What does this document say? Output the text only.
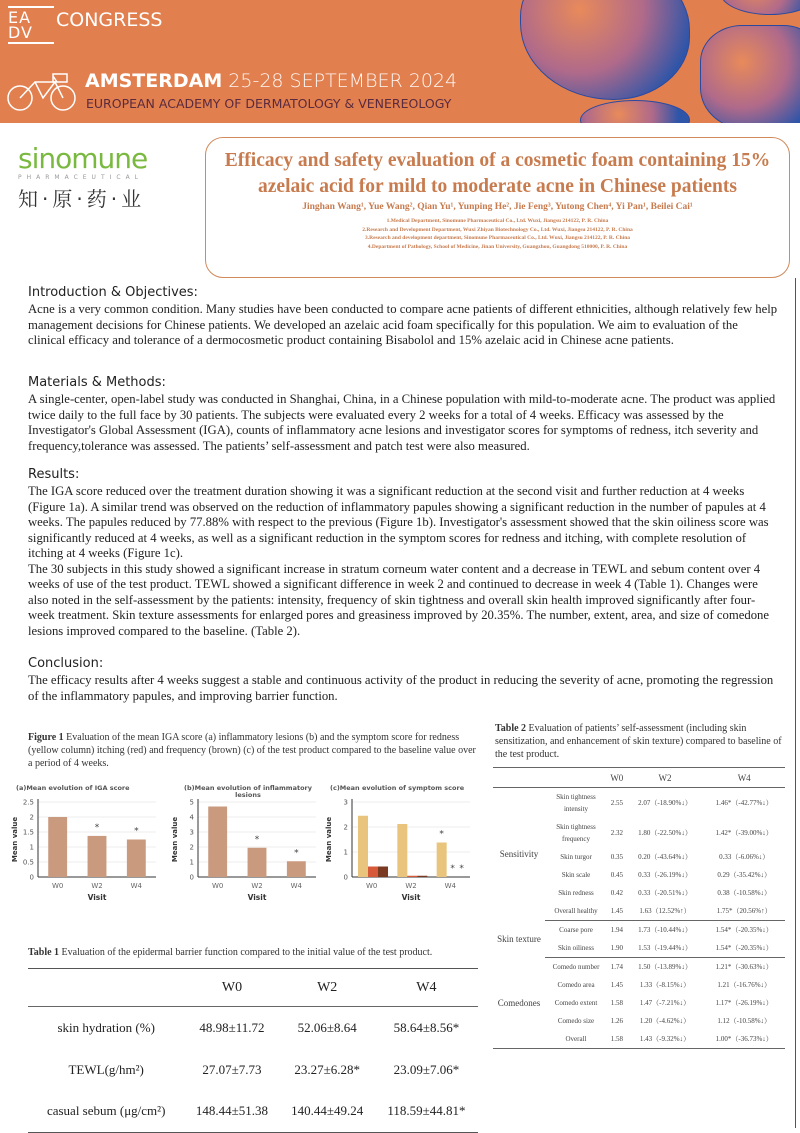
EA DV
CONGRESS
AMSTERDAM 25-28 SEPTEMBER 2024
EUROPEAN ACADEMY OF DERMATOLOGY & VENEREOLOGY
sinomune
PHARMACEUTICAL
知·原·药·业
Efficacy and safety evaluation of a cosmetic foam containing 15% azelaic acid for mild to moderate acne in Chinese patients
Jinghan Wang¹, Yue Wang², Qian Yu¹, Yunping He², Jie Feng³, Yutong Chen⁴, Yi Pan¹, Beilei Cai¹
1.Medical Department, Sinomune Pharmaceutical Co., Ltd. Wuxi, Jiangsu 214122, P. R. China
2.Research and Development Department, Wuxi Zhiyan Biotechnology Co., Ltd. Wuxi, Jiangsu 214122, P. R. China
3.Research and development department, Sinomune Pharmaceutical Co., Ltd. Wuxi, Jiangsu 214122, P. R. China
4.Department of Pathology, School of Medicine, Jinan University, Guangzhou, Guangdong 510000, P. R. China
Introduction & Objectives:

Acne is a very common condition. Many studies have been conducted to compare acne patients of different ethnicities, although relatively few help management decisions for Chinese patients. We developed an azelaic acid foam specifically for this population. We aim to evaluation of the clinical efficacy and tolerance of a dermocosmetic product containing Bisabolol and 15% azelaic acid in Chinese acne patients.

Materials & Methods:

A single-center, open-label study was conducted in Shanghai, China, in a Chinese population with mild-to-moderate acne. The product was applied twice daily to the full face by 30 patients. The subjects were evaluated every 2 weeks for a total of 4 weeks. Efficacy was assessed by the Investigator's Global Assessment (IGA), counts of inflammatory acne lesions and investigator scores for symptoms of redness, itch severity and frequency,tolerance was assessed. The patients’ self-assessment and patch test were also measured.

Results:

The IGA score reduced over the treatment duration showing it was a significant reduction at the second visit and further reduction at 4 weeks (Figure 1a). A similar trend was observed on the reduction of inflammatory papules showing a significant reduction in the number of papules at 4 weeks. The papules reduced by 77.88% with respect to the previous (Figure 1b). Investigator's assessment showed that the skin oiliness score was significantly reduced at 4 weeks, as well as a significant reduction in the symptom scores for redness and itching, with complete resolution of itching at 4 weeks (Figure 1c).

The 30 subjects in this study showed a significant increase in stratum corneum water content and a decrease in TEWL and sebum content over 4 weeks of use of the test product. TEWL showed a significant difference in week 2 and continued to decrease in week 4 (Table 1). Changes were also noted in the self-assessment by the patients: intensity, frequency of skin tightness and overall skin health improved significantly after four-week treatment. Skin texture assessments for enlarged pores and greasiness improved by 20.35%. The number, extent, area, and size of comedone lesions improved compared to the baseline. (Table 2).

Conclusion:

The efficacy results after 4 weeks suggest a stable and continuous activity of the product in reducing the severity of acne, promoting the regression of the inflammatory papules, and improving barrier function.

Figure 1 Evaluation of the mean IGA score (a) inflammatory lesions (b) and the symptom score for redness (yellow column) itching (red) and frequency (brown) (c) of the test product compared to the baseline value over a period of 4 weeks.
(a)Mean evolution of IGA score
0
0.5
1
1.5
2
2.5
Mean value
W0	W2
*
W4
*
Visit
(b)Mean evolution of inflammatory
lesions
0
1
2
3
4
5
Mean value
W0	W2
*
W4
*
Visit
(c)Mean evolution of symptom score
0
1
2
3
Mean value
W0	W2	W4
*
* *
Visit
Table 1 Evaluation of the epidermal barrier function compared to the initial value of the test product.
	W0	W2	W4
skin hydration (%)	48.98±11.72	52.06±8.64	58.64±8.56*
TEWL(g/hm²)	27.07±7.73	23.27±6.28*	23.09±7.06*
casual sebum (μg/cm²)	148.44±51.38	140.44±49.24	118.59±44.81*
Table 2 Evaluation of patients’ self-assessment (including skin sensitization, and enhancement of skin texture) compared to baseline of the test product.
		W0	W2	W4
Sensitivity	Skin tightness intensity	2.55	2.07（-18.90%↓）	1.46*（-42.77%↓）
	Skin tightness frequency	2.32	1.80（-22.50%↓）	1.42*（-39.00%↓）
	Skin turgor	0.35	0.20（-43.64%↓）	0.33（-6.06%↓）
	Skin scale	0.45	0.33（-26.19%↓）	0.29（-35.42%↓）
	Skin redness	0.42	0.33（-20.51%↓）	0.38（-10.58%↓）
	Overall healthy	1.45	1.63（12.52%↑）	1.75*（20.56%↑）
Skin texture	Coarse pore	1.94	1.73（-10.44%↓）	1.54*（-20.35%↓）
	Skin oiliness	1.90	1.53（-19.44%↓）	1.54*（-20.35%↓）
Comedones	Comedo number	1.74	1.50（-13.89%↓）	1.21*（-30.63%↓）
	Comedo area	1.45	1.33（-8.15%↓）	1.21（-16.76%↓）
	Comedo extent	1.58	1.47（-7.21%↓）	1.17*（-26.19%↓）
	Comedo size	1.26	1.20（-4.62%↓）	1.12（-10.58%↓）
	Overall	1.58	1.43（-9.32%↓）	1.00*（-36.73%↓）
